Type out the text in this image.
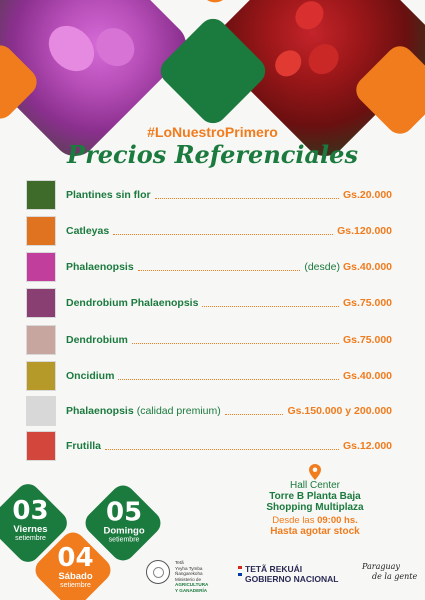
#LoNuestroPrimero
Precios Referenciales
Plantines sin flor	Gs.20.000
Catleyas	Gs.120.000
Phalaenopsis	(desde) Gs.40.000
Dendrobium Phalaenopsis	Gs.75.000
Dendrobium	Gs.75.000
Oncidium	Gs.40.000
Phalaenopsis (calidad premium)	Gs.150.000 y 200.000
Frutilla	Gs.12.000
Hall Center
Torre B Planta Baja
Shopping Multiplaza
Desde las 09:00 hs.
Hasta agotar stock
03
Viernes
setiembre
05
Domingo
setiembre
04
Sábado
setiembre
Tetã
Yvyha Tymba
Ñangarekoha
Ministerio de
AGRICULTURA
Y GANADERÍA
TETÃ REKUÁI
GOBIERNO NACIONAL
Paraguay
de la gente
